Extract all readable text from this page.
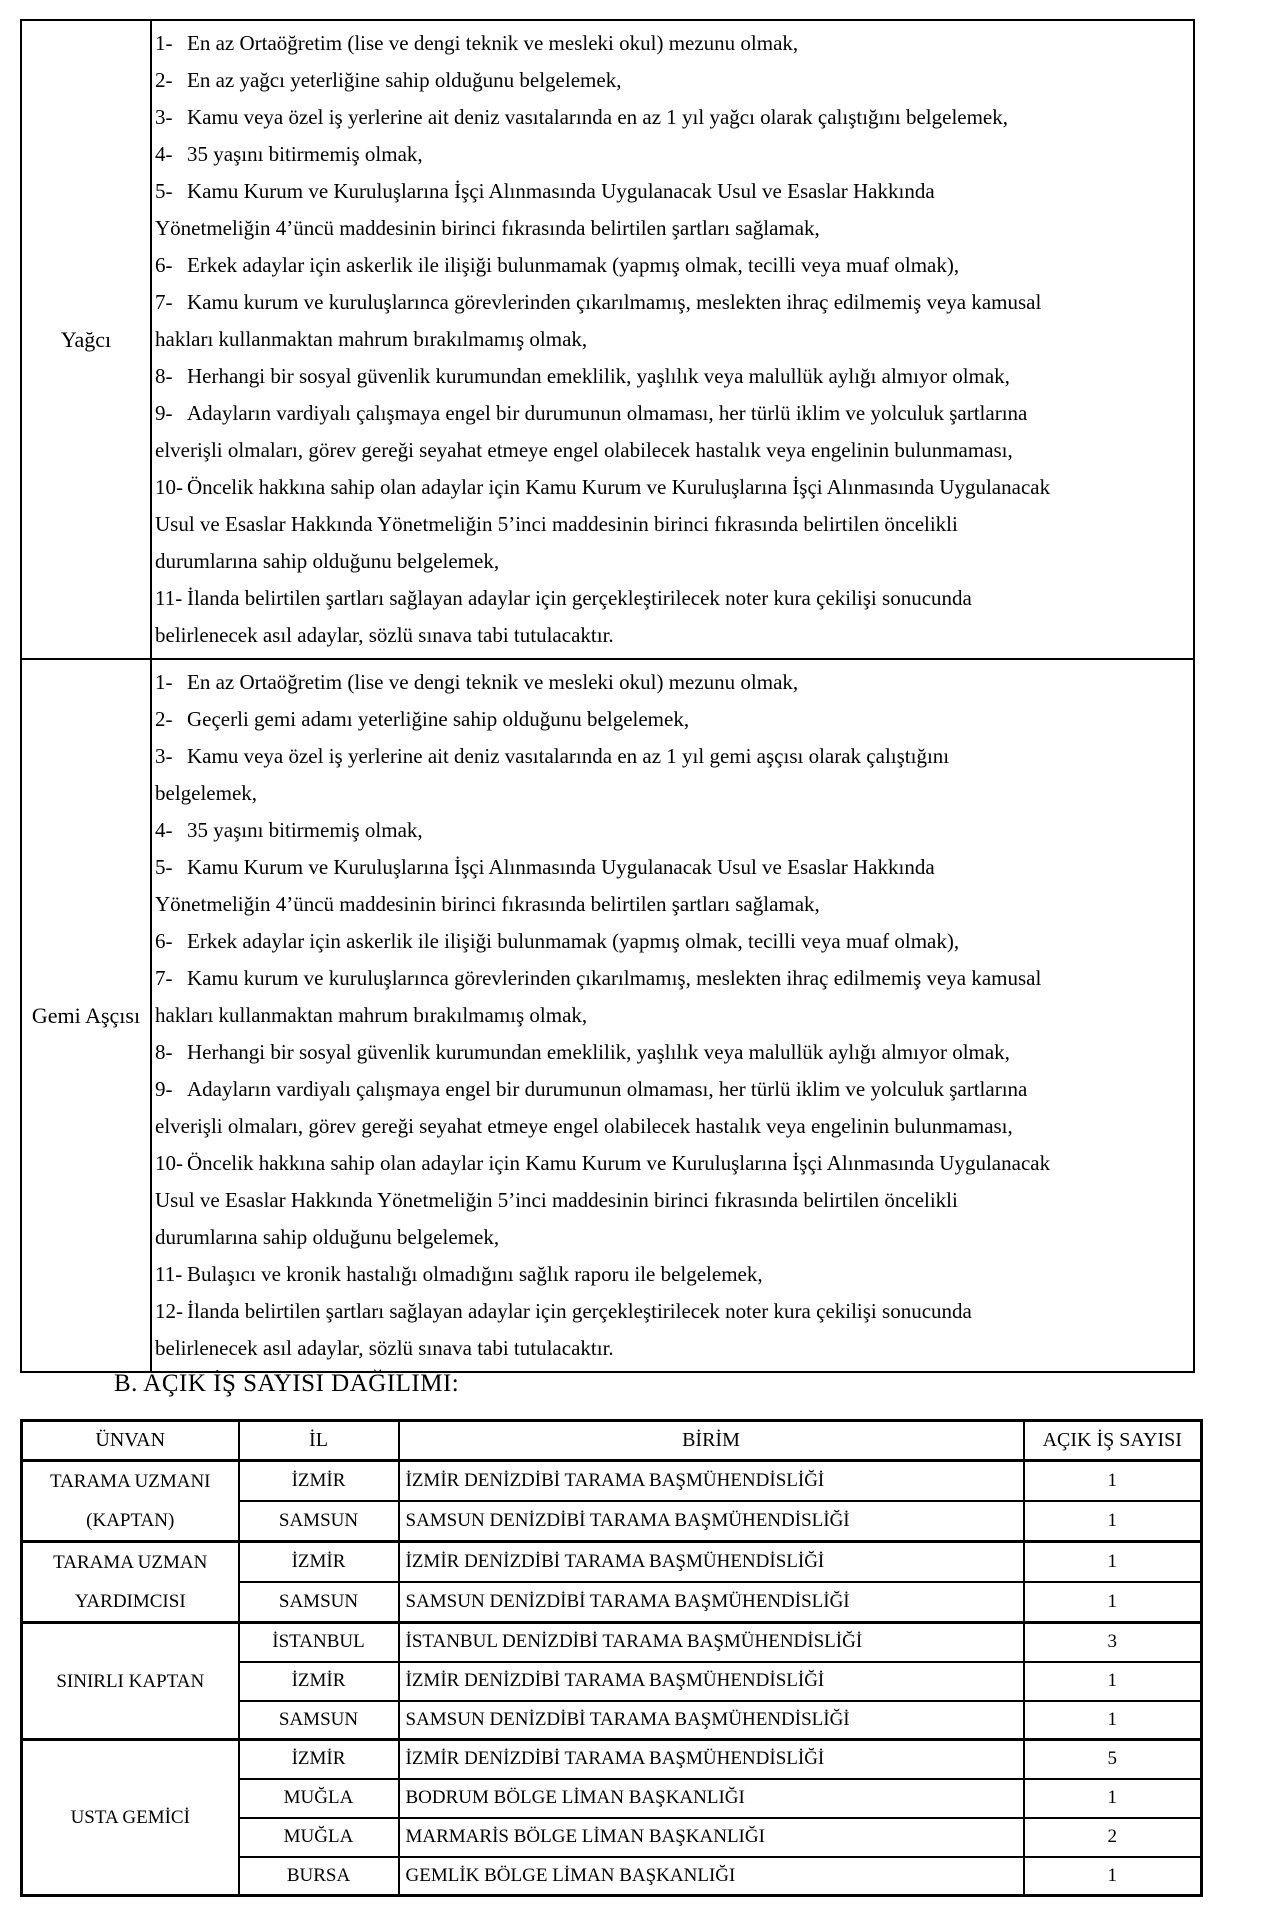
Yağcı
1-	En az Ortaöğretim (lise ve dengi teknik ve mesleki okul) mezunu olmak,
2-	En az yağcı yeterliğine sahip olduğunu belgelemek,
3-	Kamu veya özel iş yerlerine ait deniz vasıtalarında en az 1 yıl yağcı olarak çalıştığını belgelemek,
4-	35 yaşını bitirmemiş olmak,
5-	Kamu Kurum ve Kuruluşlarına İşçi Alınmasında Uygulanacak Usul ve Esaslar Hakkında
Yönetmeliğin 4’üncü maddesinin birinci fıkrasında belirtilen şartları sağlamak,
6-	Erkek adaylar için askerlik ile ilişiği bulunmamak (yapmış olmak, tecilli veya muaf olmak),
7-	Kamu kurum ve kuruluşlarınca görevlerinden çıkarılmamış, meslekten ihraç edilmemiş veya kamusal
hakları kullanmaktan mahrum bırakılmamış olmak,
8-	Herhangi bir sosyal güvenlik kurumundan emeklilik, yaşlılık veya malullük aylığı almıyor olmak,
9-	Adayların vardiyalı çalışmaya engel bir durumunun olmaması, her türlü iklim ve yolculuk şartlarına
elverişli olmaları, görev gereği seyahat etmeye engel olabilecek hastalık veya engelinin bulunmaması,
10-	Öncelik hakkına sahip olan adaylar için Kamu Kurum ve Kuruluşlarına İşçi Alınmasında Uygulanacak
Usul ve Esaslar Hakkında Yönetmeliğin 5’inci maddesinin birinci fıkrasında belirtilen öncelikli
durumlarına sahip olduğunu belgelemek,
11-	İlanda belirtilen şartları sağlayan adaylar için gerçekleştirilecek noter kura çekilişi sonucunda
belirlenecek asıl adaylar, sözlü sınava tabi tutulacaktır.
Gemi Aşçısı
1-	En az Ortaöğretim (lise ve dengi teknik ve mesleki okul) mezunu olmak,
2-	Geçerli gemi adamı yeterliğine sahip olduğunu belgelemek,
3-	Kamu veya özel iş yerlerine ait deniz vasıtalarında en az 1 yıl gemi aşçısı olarak çalıştığını
belgelemek,
4-	35 yaşını bitirmemiş olmak,
5-	Kamu Kurum ve Kuruluşlarına İşçi Alınmasında Uygulanacak Usul ve Esaslar Hakkında
Yönetmeliğin 4’üncü maddesinin birinci fıkrasında belirtilen şartları sağlamak,
6-	Erkek adaylar için askerlik ile ilişiği bulunmamak (yapmış olmak, tecilli veya muaf olmak),
7-	Kamu kurum ve kuruluşlarınca görevlerinden çıkarılmamış, meslekten ihraç edilmemiş veya kamusal
hakları kullanmaktan mahrum bırakılmamış olmak,
8-	Herhangi bir sosyal güvenlik kurumundan emeklilik, yaşlılık veya malullük aylığı almıyor olmak,
9-	Adayların vardiyalı çalışmaya engel bir durumunun olmaması, her türlü iklim ve yolculuk şartlarına
elverişli olmaları, görev gereği seyahat etmeye engel olabilecek hastalık veya engelinin bulunmaması,
10-	Öncelik hakkına sahip olan adaylar için Kamu Kurum ve Kuruluşlarına İşçi Alınmasında Uygulanacak
Usul ve Esaslar Hakkında Yönetmeliğin 5’inci maddesinin birinci fıkrasında belirtilen öncelikli
durumlarına sahip olduğunu belgelemek,
11-	Bulaşıcı ve kronik hastalığı olmadığını sağlık raporu ile belgelemek,
12-	İlanda belirtilen şartları sağlayan adaylar için gerçekleştirilecek noter kura çekilişi sonucunda
belirlenecek asıl adaylar, sözlü sınava tabi tutulacaktır.
B. AÇIK İŞ SAYISI DAĞILIMI:
ÜNVAN	İL	BİRİM	AÇIK İŞ SAYISI

TARAMA UZMANI
(KAPTAN)	İZMİR	İZMİR DENİZDİBİ TARAMA BAŞMÜHENDİSLİĞİ	1
	SAMSUN	SAMSUN DENİZDİBİ TARAMA BAŞMÜHENDİSLİĞİ	1

TARAMA UZMAN
YARDIMCISI	İZMİR	İZMİR DENİZDİBİ TARAMA BAŞMÜHENDİSLİĞİ	1
	SAMSUN	SAMSUN DENİZDİBİ TARAMA BAŞMÜHENDİSLİĞİ	1

SINIRLI KAPTAN	İSTANBUL	İSTANBUL DENİZDİBİ TARAMA BAŞMÜHENDİSLİĞİ	3
	İZMİR	İZMİR DENİZDİBİ TARAMA BAŞMÜHENDİSLİĞİ	1
	SAMSUN	SAMSUN DENİZDİBİ TARAMA BAŞMÜHENDİSLİĞİ	1

USTA GEMİCİ	İZMİR	İZMİR DENİZDİBİ TARAMA BAŞMÜHENDİSLİĞİ	5
	MUĞLA	BODRUM BÖLGE LİMAN BAŞKANLIĞI	1
	MUĞLA	MARMARİS BÖLGE LİMAN BAŞKANLIĞI	2
	BURSA	GEMLİK BÖLGE LİMAN BAŞKANLIĞI	1
